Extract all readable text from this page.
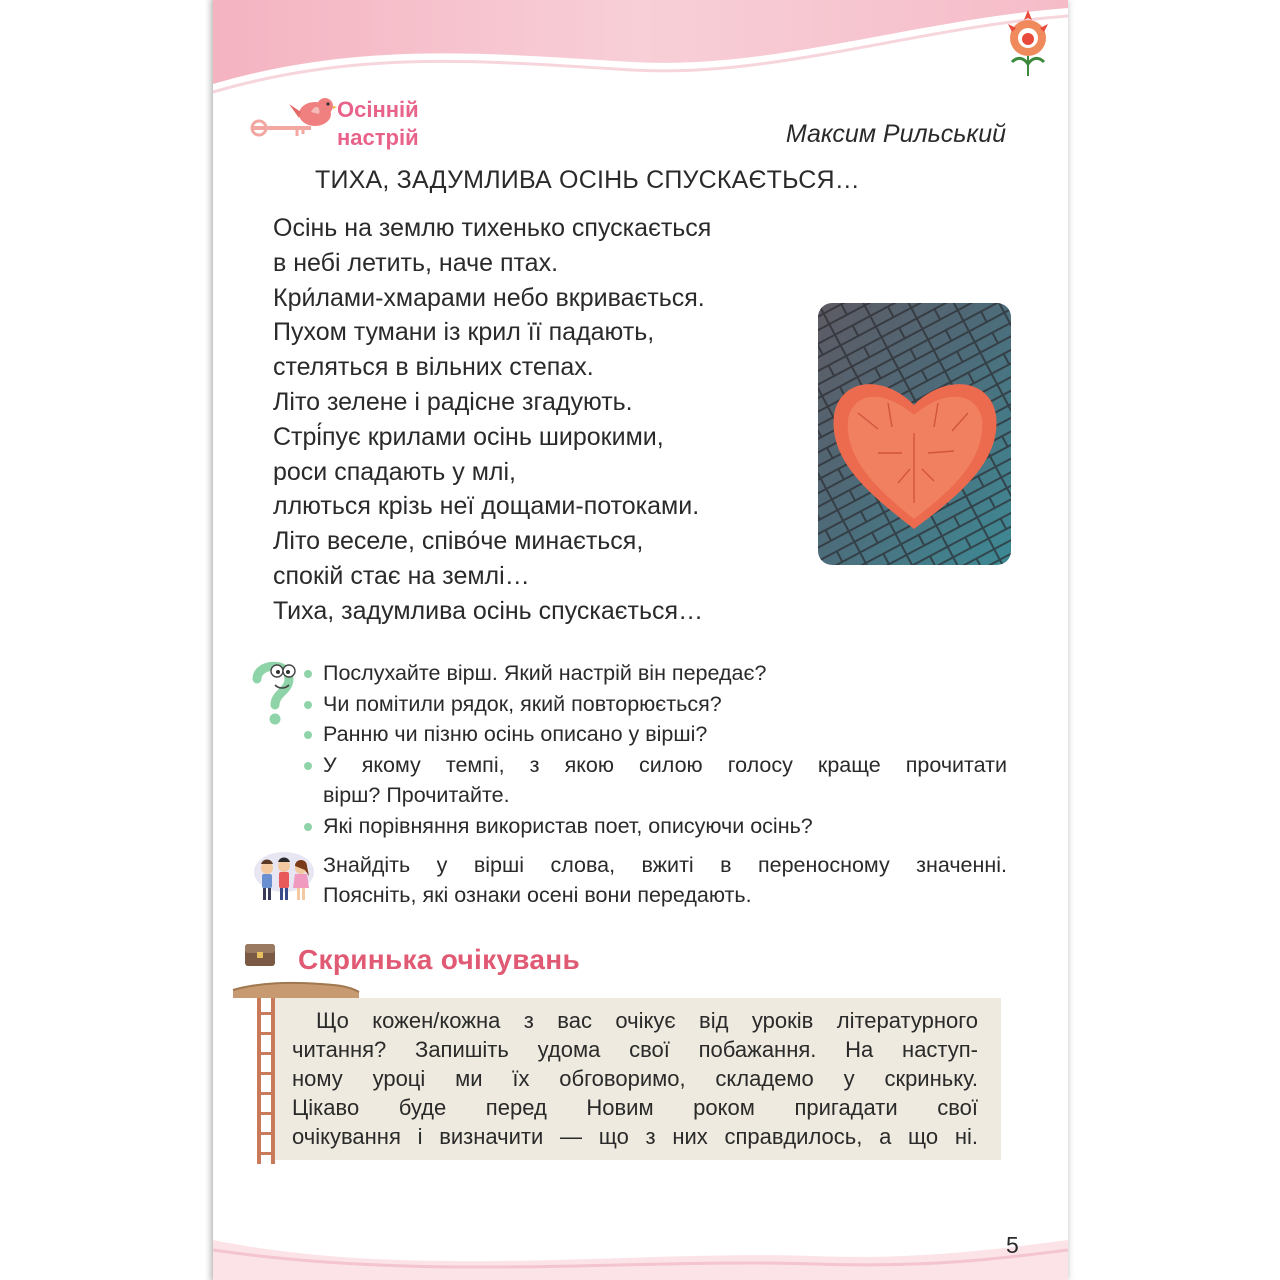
Осінній
настрій	Максим Рильський
ТИХА, ЗАДУМЛИВА ОСІНЬ СПУСКАЄТЬСЯ…
Осінь на землю тихенько спускається
в небі летить, наче птах.
Кри́лами-хмарами небо вкривається.
Пухом тумани із крил її падають,
стеляться в вільних степах.
Літо зелене і радісне згадують.
Стрі́пує крилами осінь широкими,
роси спадають у млі,
ллються крізь неї дощами-потоками.
Літо веселе, співо́че минається,
спокій стає на землі…
Тиха, задумлива осінь спускається…
Послухайте вірш. Який настрій він передає?
Чи помітили рядок, який повторюється?
Ранню чи пізню осінь описано у вірші?
У якому темпі, з якою силою голосу краще прочитати
вірш? Прочитайте.
Які порівняння використав поет, описуючи осінь?
Знайдіть у вірші слова, вжиті в переносному значенні.
Поясніть, які ознаки осені вони передають.
Скринька очікувань
Що кожен/кожна з вас очікує від уроків літературного
читання? Запишіть удома свої побажання. На наступ-
ному уроці ми їх обговоримо, складемо у скриньку.
Цікаво буде перед Новим роком пригадати свої
очікування і визначити — що з них справдилось, а що ні.
5
